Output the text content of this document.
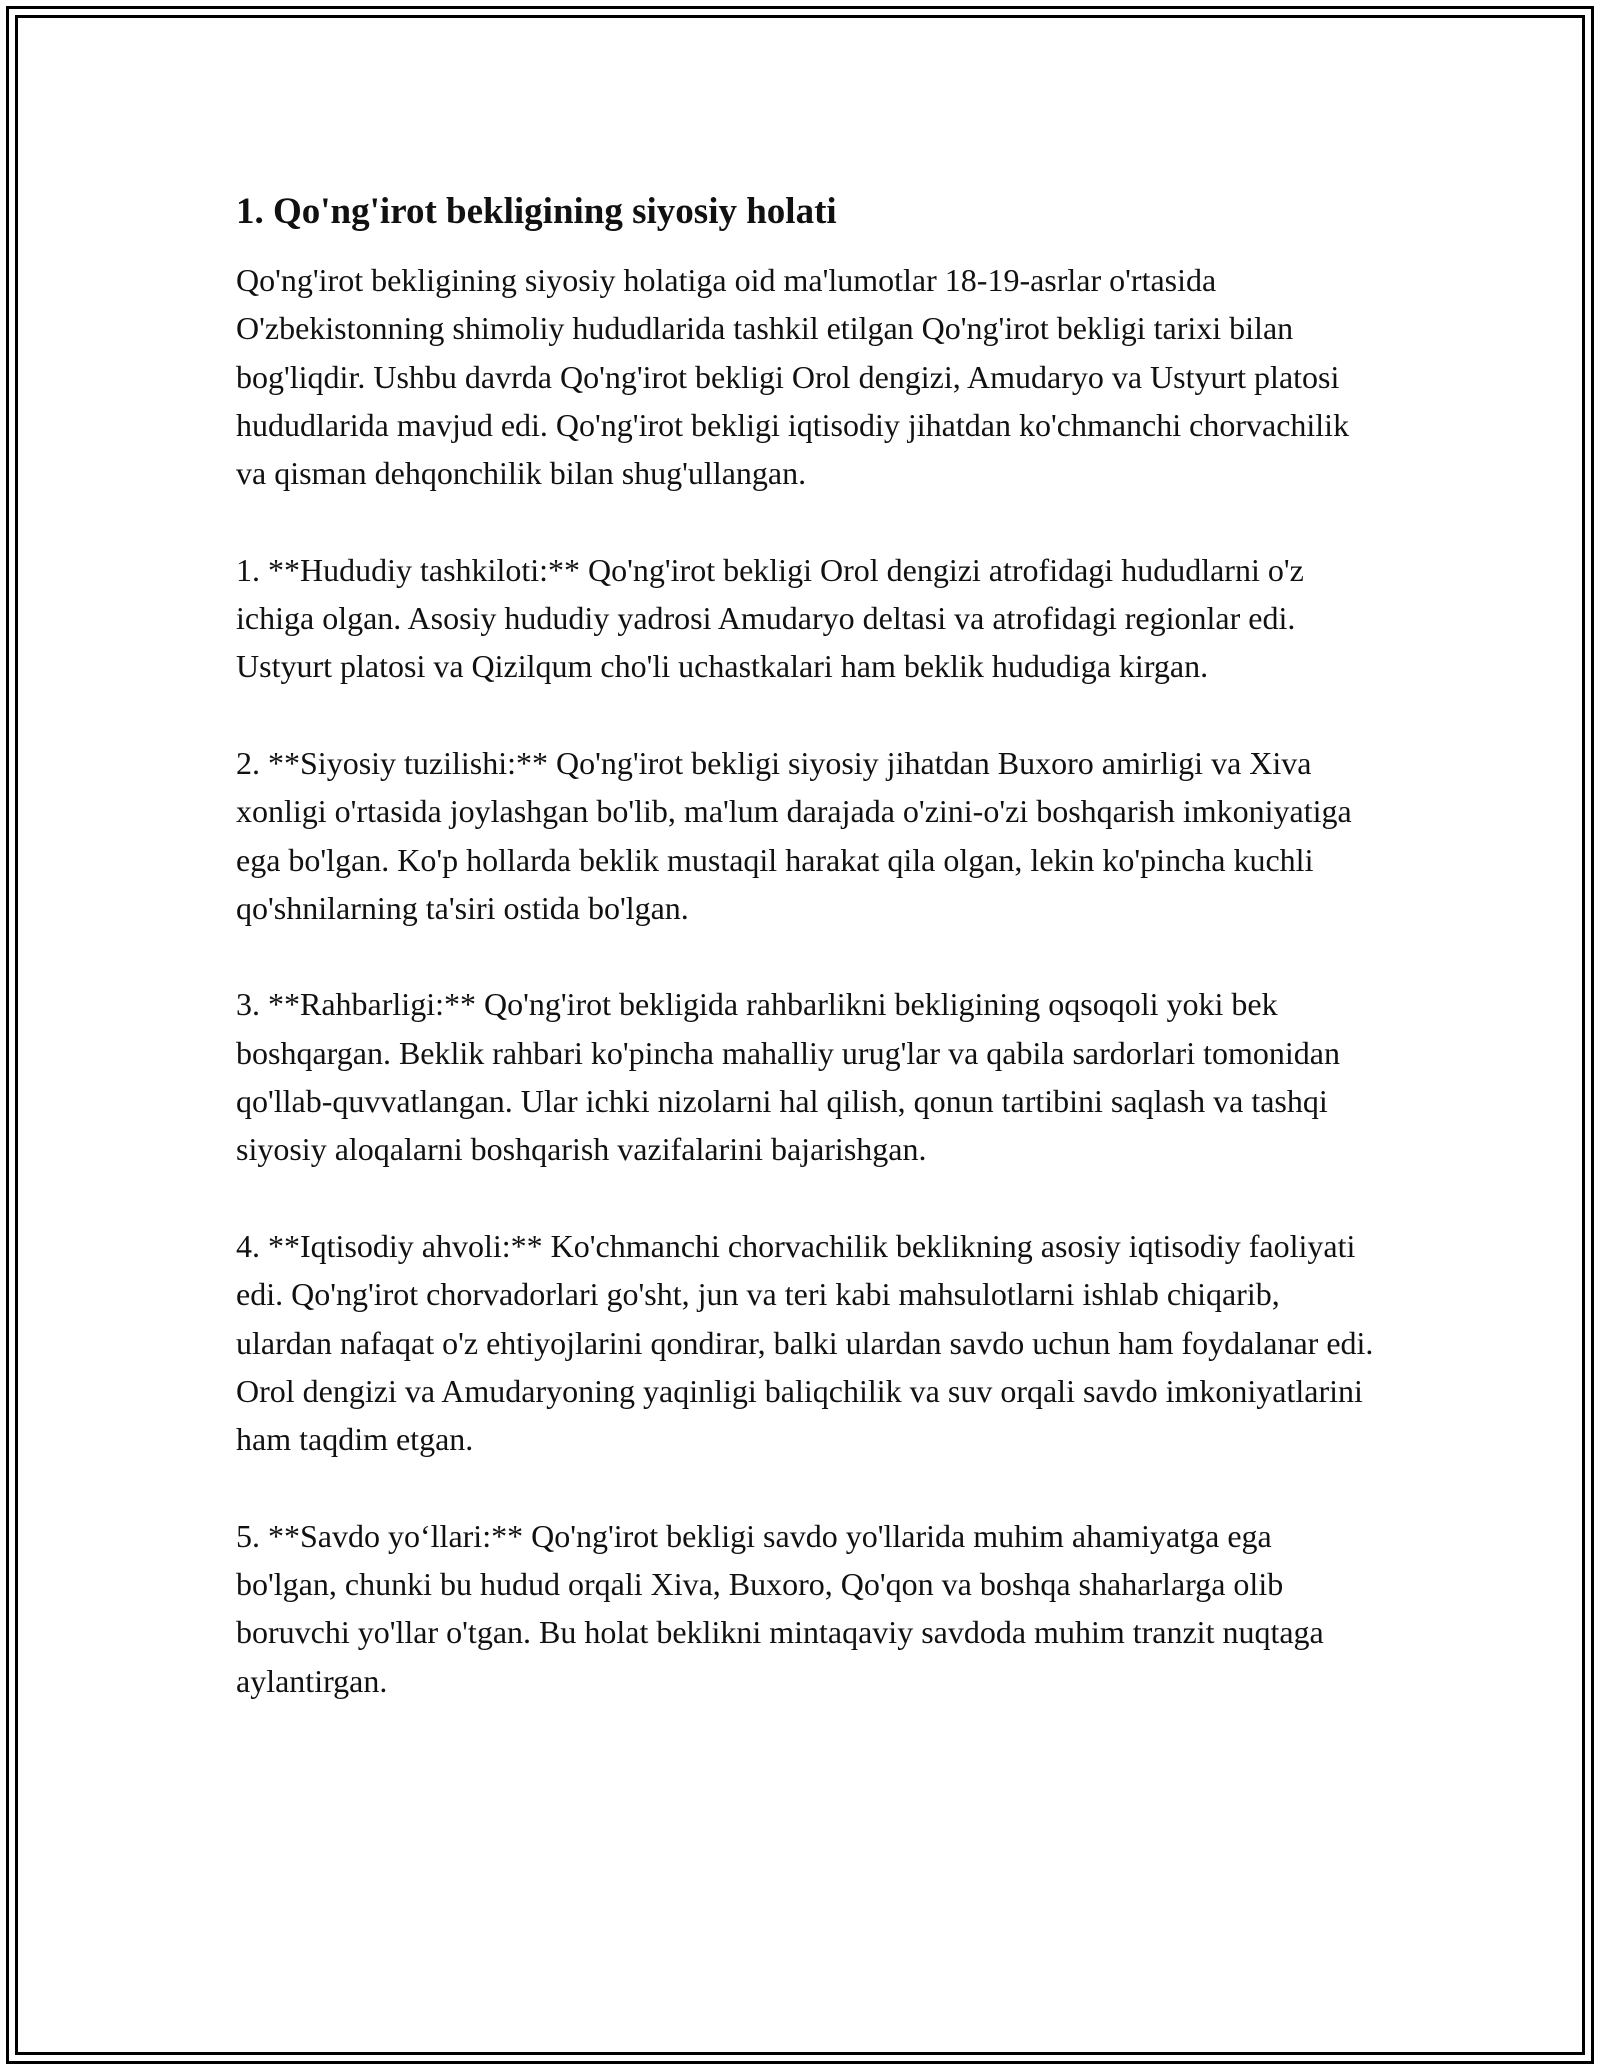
1. Qo'ng'irot bekligining siyosiy holati

Qo'ng'irot bekligining siyosiy holatiga oid ma'lumotlar 18-19-asrlar o'rtasida O'zbekistonning shimoliy hududlarida tashkil etilgan Qo'ng'irot bekligi tarixi bilan bog'liqdir. Ushbu davrda Qo'ng'irot bekligi Orol dengizi, Amudaryo va Ustyurt platosi hududlarida mavjud edi. Qo'ng'irot bekligi iqtisodiy jihatdan ko'chmanchi chorvachilik va qisman dehqonchilik bilan shug'ullangan.

1. **Hududiy tashkiloti:** Qo'ng'irot bekligi Orol dengizi atrofidagi hududlarni o'z ichiga olgan. Asosiy hududiy yadrosi Amudaryo deltasi va atrofidagi regionlar edi. Ustyurt platosi va Qizilqum cho'li uchastkalari ham beklik hududiga kirgan.

2. **Siyosiy tuzilishi:** Qo'ng'irot bekligi siyosiy jihatdan Buxoro amirligi va Xiva xonligi o'rtasida joylashgan bo'lib, ma'lum darajada o'zini-o'zi boshqarish imkoniyatiga ega bo'lgan. Ko'p hollarda beklik mustaqil harakat qila olgan, lekin ko'pincha kuchli qo'shnilarning ta'siri ostida bo'lgan.

3. **Rahbarligi:** Qo'ng'irot bekligida rahbarlikni bekligining oqsoqoli yoki bek boshqargan. Beklik rahbari ko'pincha mahalliy urug'lar va qabila sardorlari tomonidan qo'llab-quvvatlangan. Ular ichki nizolarni hal qilish, qonun tartibini saqlash va tashqi siyosiy aloqalarni boshqarish vazifalarini bajarishgan.

4. **Iqtisodiy ahvoli:** Ko'chmanchi chorvachilik beklikning asosiy iqtisodiy faoliyati edi. Qo'ng'irot chorvadorlari go'sht, jun va teri kabi mahsulotlarni ishlab chiqarib, ulardan nafaqat o'z ehtiyojlarini qondirar, balki ulardan savdo uchun ham foydalanar edi. Orol dengizi va Amudaryoning yaqinligi baliqchilik va suv orqali savdo imkoniyatlarini ham taqdim etgan.

5. **Savdo yo‘llari:** Qo'ng'irot bekligi savdo yo'llarida muhim ahamiyatga ega bo'lgan, chunki bu hudud orqali Xiva, Buxoro, Qo'qon va boshqa shaharlarga olib boruvchi yo'llar o'tgan. Bu holat beklikni mintaqaviy savdoda muhim tranzit nuqtaga aylantirgan.
